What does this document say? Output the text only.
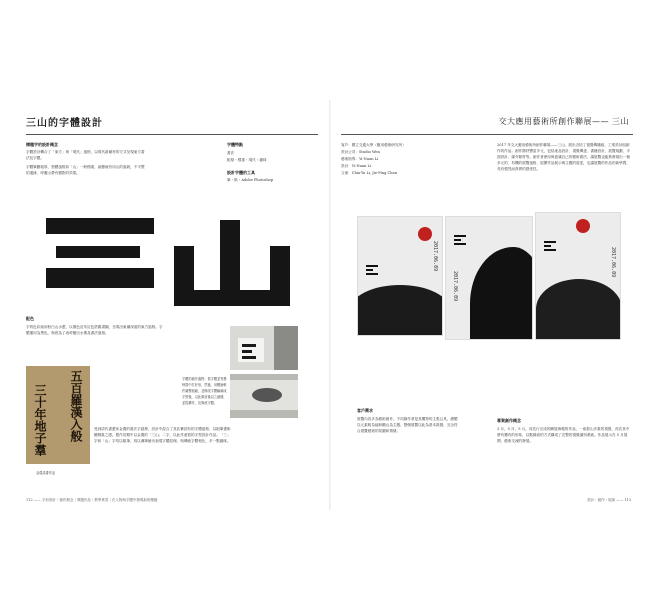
三山的字體設計
標題字的設計概念
字體設計轉合了「東方」與「現代」風格，以現代新穎材的方式呈現東方書法及字體。
字體筆劃粗厚，墊體風格如「山」一般穩重，細節就有同山的風貌，不平整的邊緣，呼應山帶有樹影的效果。
字體特點
書法
粗厚・穩重・現代・趣味
設計字體的工具
筆・紙・Adobe Photoshop
配色
字的色彩純用粉白山水畫，以墨色及朱紅色搭舊書圖，呈現出東潮深遠的東方風格。字體運用為黑色，與底為了表呼應出水墨及書法風格。
字體的創作過程：寫字體並等墨時寫中打好形，然後，用數繪軟件調整粗細，並修改字體輪廓成字型後，以此做前後以之細節，並從構作，及修改字體。
五百羅漢入般
三十年地子羣
金農漆書作品
受到清代書畫家金農的書法字啟發，設計中混合了其匹賽勁有的字體風格，以粗筆畫彰顯穩重之感。製作初期中以金農的「三山」二字，以此作意寫的字型設計作品。「三」字和「山」字均以粗筆，再以濕筆繪出表現字體紋理。與傳統字體相比，多一點趣味。
112 —— 字形設計｜創作理念｜專題作品｜教學實習｜在人物與字體中發現新的樂趣
交大應用藝術所創作聯展—— 三山
客戶：國立交通大學（應用藝術研究所）
設計公司：Studio Wen
藝術指導：Yi-Nuan Li
設計：Yi-Nuan Li
文案：Chia-Yu Li, Jie-Ping Chen
2017 年交大應用藝術所創作聯展——三山，展出含括了視覺傳播組、工業設計組創作的作品。創作類材豐富多元，包括產品設計、視覺傳達、書籍設計、展覽規劃、平面設計，媒介類材等。創作者使用與意識自己的藝術做法，讓展覽也能夠發展出一個多元的、有機的展覽風格，展開作品展示與主題的敘述，也讓展覽的作品的新學問，具有強烈而真實的感受性。
2017.06.09
2017.06.09
2017.06.09
客戶需求
展覽內容多為藝術創作，不同創作者是其獨特的主張且具，總體以元素較為能彰顯山為主題。整個展覽以此為基本視覺，完全符合展覽藝術的氛圍和情緒。
專案創作概念
3 月，5 月，5 月。同先行完成的聯展海報的作品，一座群山多重的視覺，再在其中帶有獨有的形象，以點線面的方式構成了完整的視覺識別系統。作品展示在 5 月展開，藝術交流的發展。
設計・創作・展演 —— 113
